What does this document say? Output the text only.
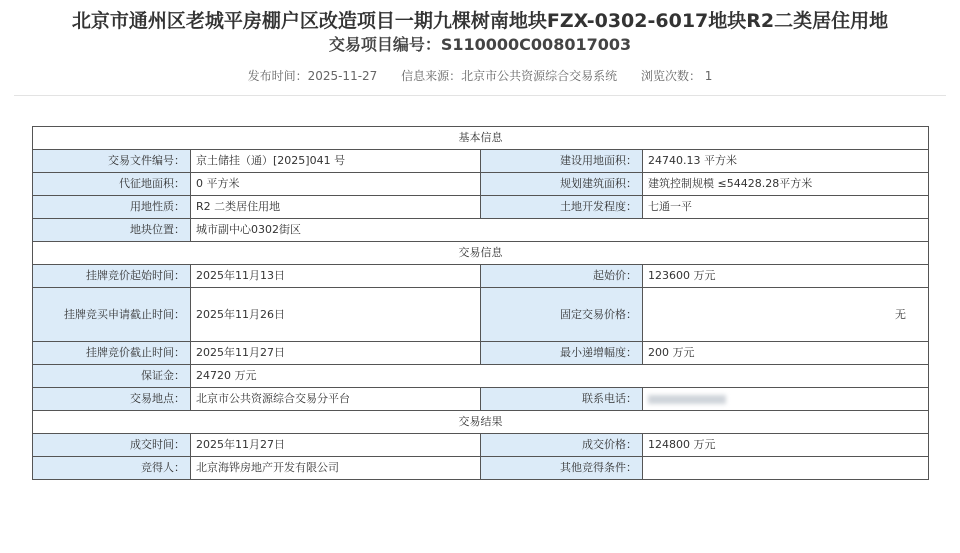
北京市通州区老城平房棚户区改造项目一期九棵树南地块FZX-0302-6017地块R2二类居住用地
交易项目编号：S110000C008017003
发布时间：2025-11-27 信息来源：北京市公共资源综合交易系统 浏览次数： 1
基本信息			
交易文件编号：	京土储挂（通）[2025]041 号	建设用地面积：	24740.13 平方米
代征地面积：	0 平方米	规划建筑面积：	建筑控制规模 ≤54428.28平方米
用地性质：	R2 二类居住用地	土地开发程度：	七通一平
地块位置：	城市副中心0302街区		
交易信息			
挂牌竞价起始时间：	2025年11月13日	起始价：	123600 万元
挂牌竞买申请截止时间：	2025年11月26日	固定交易价格：	无
挂牌竞价截止时间：	2025年11月27日	最小递增幅度：	200 万元
保证金：	24720 万元		
交易地点：	北京市公共资源综合交易分平台	联系电话：	
交易结果			
成交时间：	2025年11月27日	成交价格：	124800 万元
竞得人：	北京海铧房地产开发有限公司	其他竞得条件：	
